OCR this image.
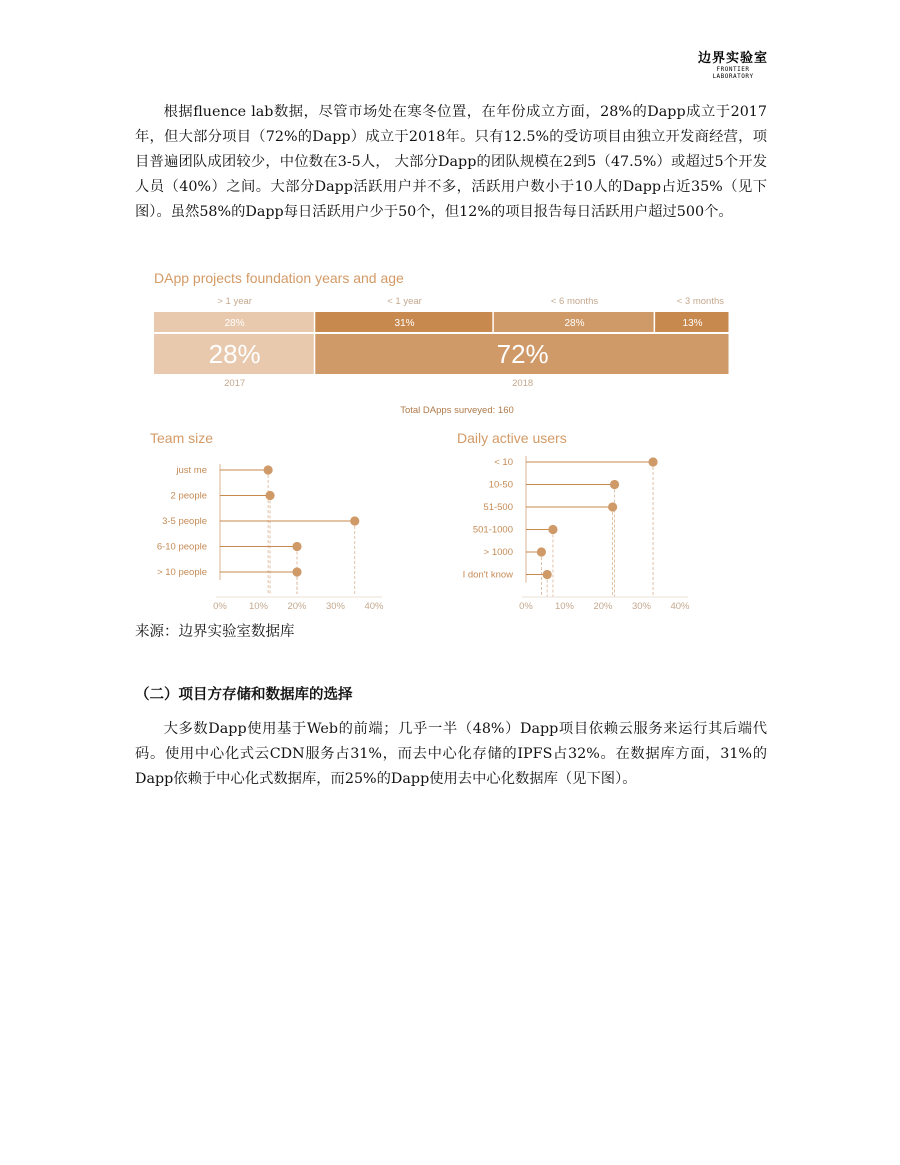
边界实验室
FRONTIER LABORATORY

根据fluence lab数据，尽管市场处在寒冬位置，在年份成立方面，28%的Dapp成立于2017年，但大部分项目（72%的Dapp）成立于2018年。只有12.5%的受访项目由独立开发商经营，项目普遍团队成团较少，中位数在3-5人， 大部分Dapp的团队规模在2到5（47.5%）或超过5个开发人员（40%）之间。大部分Dapp活跃用户并不多，活跃用户数小于10人的Dapp占近35%（见下图）。虽然58%的Dapp每日活跃用户少于50个，但12%的项目报告每日活跃用户超过500个。

DApp projects foundation years and age
28%
> 1 year
31%
< 1 year
28%
< 6 months
13%
< 3 months
28%
2017
72%
2018
Total DApps surveyed: 160
Team size
just me
2 people
3-5 people
6-10 people
> 10 people
0% 10% 20% 30% 40%
Daily active users
< 10
10-50
51-500
501-1000
> 1000
I don't know
0% 10% 20% 30% 40%
来源：边界实验室数据库
（二）项目方存储和数据库的选择

大多数Dapp使用基于Web的前端；几乎一半（48%）Dapp项目依赖云服务来运行其后端代码。使用中心化式云CDN服务占31%，而去中心化存储的IPFS占32%。在数据库方面，31%的Dapp依赖于中心化式数据库，而25%的Dapp使用去中心化数据库（见下图）。
